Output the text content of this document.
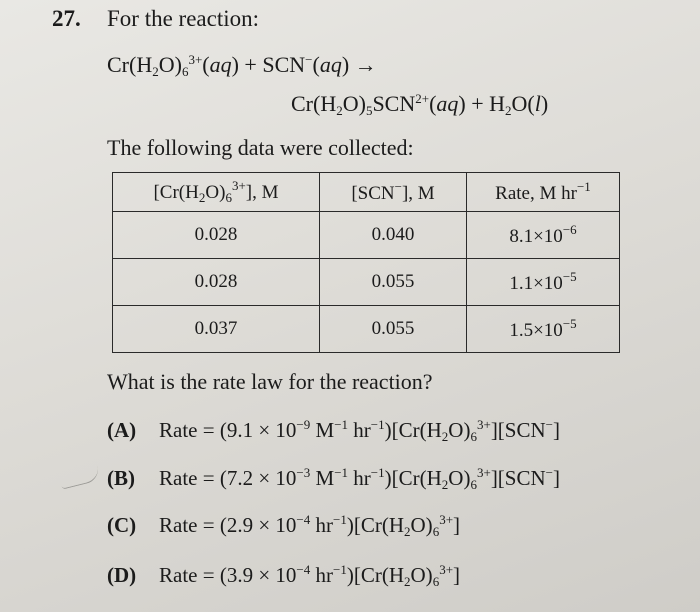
27. For the reaction:
$Cr(H_2O)_6^{3+}(aq) + SCN^-(aq)$ →
$Cr(H_2O)_5SCN^{2+}(aq) + H_2O(l)$
The following data were collected:
$[Cr(H_2O)_6^{3+}]$, M	[SCN−], M	Rate, M $hr^{-1}$
0.028	0.040	$8.1\times 10^{-6}$
0.028	0.055	$1.1\times 10^{-5}$
0.037	0.055	$1.5\times 10^{-5}$
What is the rate law for the reaction?
(A) Rate = ($9.1 \times 10^{-9}$ $M^{-1}$ $hr^{-1})[Cr(H_2O)_6^{3+}][SCN^-]$
(B) Rate = ($7.2 \times 10^{-3}$ $M^{-1}$ $hr^{-1})[Cr(H_2O)_6^{3+}][SCN^-]$
(C) Rate = ($2.9 \times 10^{-4}$ $hr^{-1})[Cr(H_2O)_6^{3+}]$
(D) Rate = ($3.9 \times 10^{-4}$ $hr^{-1})[Cr(H_2O)_6^{3+}]$
